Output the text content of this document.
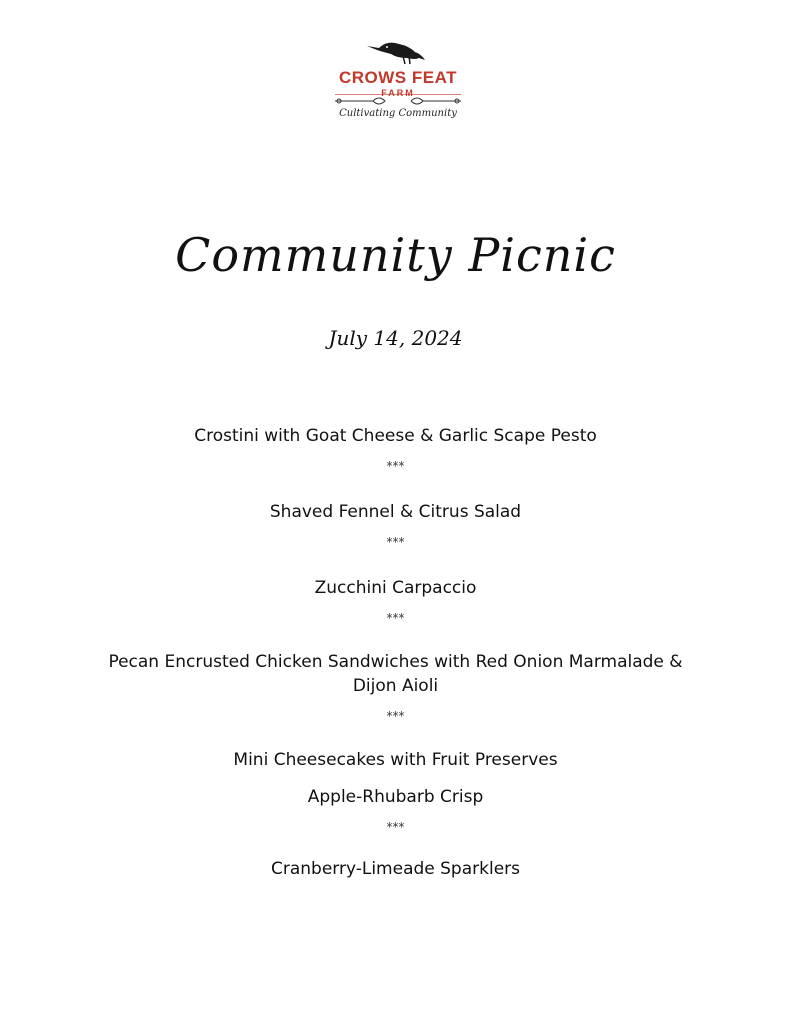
CROWS FEAT
FARM
Cultivating Community
Community Picnic
July 14, 2024

Crostini with Goat Cheese & Garlic Scape Pesto

***

Shaved Fennel & Citrus Salad

***

Zucchini Carpaccio

***

Pecan Encrusted Chicken Sandwiches with Red Onion Marmalade & Dijon Aioli

***

Mini Cheesecakes with Fruit Preserves

Apple-Rhubarb Crisp

***

Cranberry-Limeade Sparklers
